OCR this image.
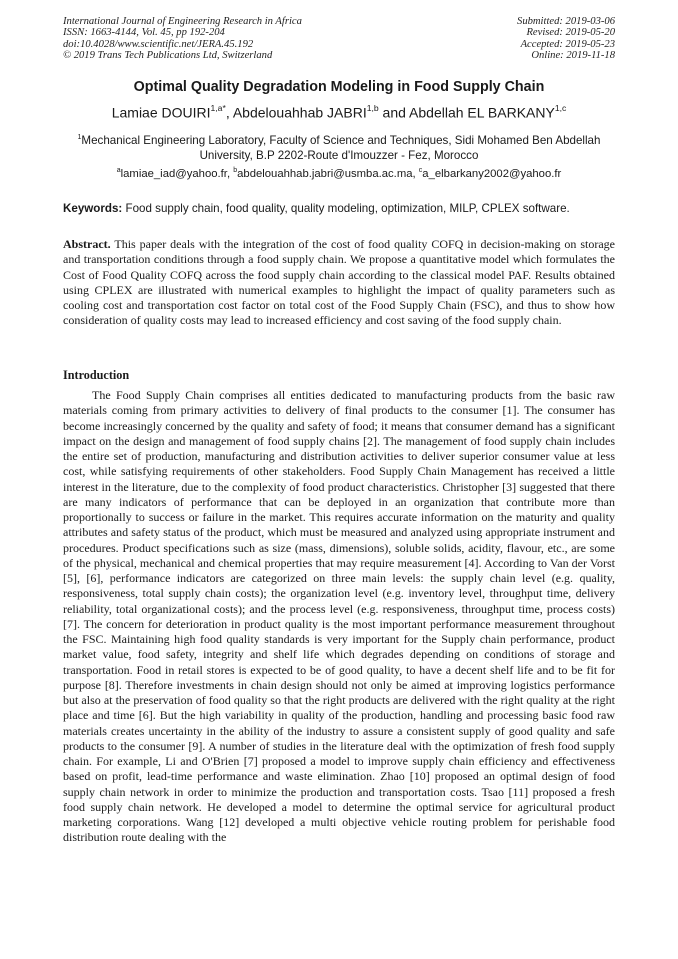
International Journal of Engineering Research in Africa
ISSN: 1663-4144, Vol. 45, pp 192-204
doi:10.4028/www.scientific.net/JERA.45.192
© 2019 Trans Tech Publications Ltd, Switzerland
Submitted: 2019-03-06
Revised: 2019-05-20
Accepted: 2019-05-23
Online: 2019-11-18
Optimal Quality Degradation Modeling in Food Supply Chain
Lamiae $DOUIRI^{1,a*}$, Abdelouahhab JABRI$^{1,b}$ and Abdellah EL BARKANY$^{1,c}$
$^1$Mechanical Engineering Laboratory, Faculty of Science and Techniques, Sidi Mohamed Ben Abdellah University, B.P 2202-Route d'Imouzzer - Fez, Morocco
$^a$lamiae_iad@yahoo.fr, $^b$abdelouahhab.jabri@usmba.ac.ma, $^c$a_elbarkany2002@yahoo.fr
Keywords: Food supply chain, food quality, quality modeling, optimization, MILP, CPLEX software.
Abstract. This paper deals with the integration of the cost of food quality COFQ in decision-making on storage and transportation conditions through a food supply chain. We propose a quantitative model which formulates the Cost of Food Quality COFQ across the food supply chain according to the classical model PAF. Results obtained using CPLEX are illustrated with numerical examples to highlight the impact of quality parameters such as cooling cost and transportation cost factor on total cost of the Food Supply Chain (FSC), and thus to show how consideration of quality costs may lead to increased efficiency and cost saving of the food supply chain.
Introduction

The Food Supply Chain comprises all entities dedicated to manufacturing products from the basic raw materials coming from primary activities to delivery of final products to the consumer [1]. The consumer has become increasingly concerned by the quality and safety of food; it means that consumer demand has a significant impact on the design and management of food supply chains [2]. The management of food supply chain includes the entire set of production, manufacturing and distribution activities to deliver superior consumer value at less cost, while satisfying requirements of other stakeholders. Food Supply Chain Management has received a little interest in the literature, due to the complexity of food product characteristics. Christopher [3] suggested that there are many indicators of performance that can be deployed in an organization that contribute more than proportionally to success or failure in the market. This requires accurate information on the maturity and quality attributes and safety status of the product, which must be measured and analyzed using appropriate instrument and procedures. Product specifications such as size (mass, dimensions), soluble solids, acidity, flavour, etc., are some of the physical, mechanical and chemical properties that may require measurement [4]. According to Van der Vorst [5], [6], performance indicators are categorized on three main levels: the supply chain level (e.g. quality, responsiveness, total supply chain costs); the organization level (e.g. inventory level, throughput time, delivery reliability, total organizational costs); and the process level (e.g. responsiveness, throughput time, process costs)[7]. The concern for deterioration in product quality is the most important performance measurement throughout the FSC. Maintaining high food quality standards is very important for the Supply chain performance, product market value, food safety, integrity and shelf life which degrades depending on conditions of storage and transportation. Food in retail stores is expected to be of good quality, to have a decent shelf life and to be fit for purpose [8]. Therefore investments in chain design should not only be aimed at improving logistics performance but also at the preservation of food quality so that the right products are delivered with the right quality at the right place and time [6]. But the high variability in quality of the production, handling and processing basic food raw materials creates uncertainty in the ability of the industry to assure a consistent supply of good quality and safe products to the consumer [9]. A number of studies in the literature deal with the optimization of fresh food supply chain. For example, Li and O'Brien [7] proposed a model to improve supply chain efficiency and effectiveness based on profit, lead-time performance and waste elimination. Zhao [10] proposed an optimal design of food supply chain network in order to minimize the production and transportation costs. Tsao [11] proposed a fresh food supply chain network. He developed a model to determine the optimal service for agricultural product marketing corporations. Wang [12] developed a multi objective vehicle routing problem for perishable food distribution route dealing with the
